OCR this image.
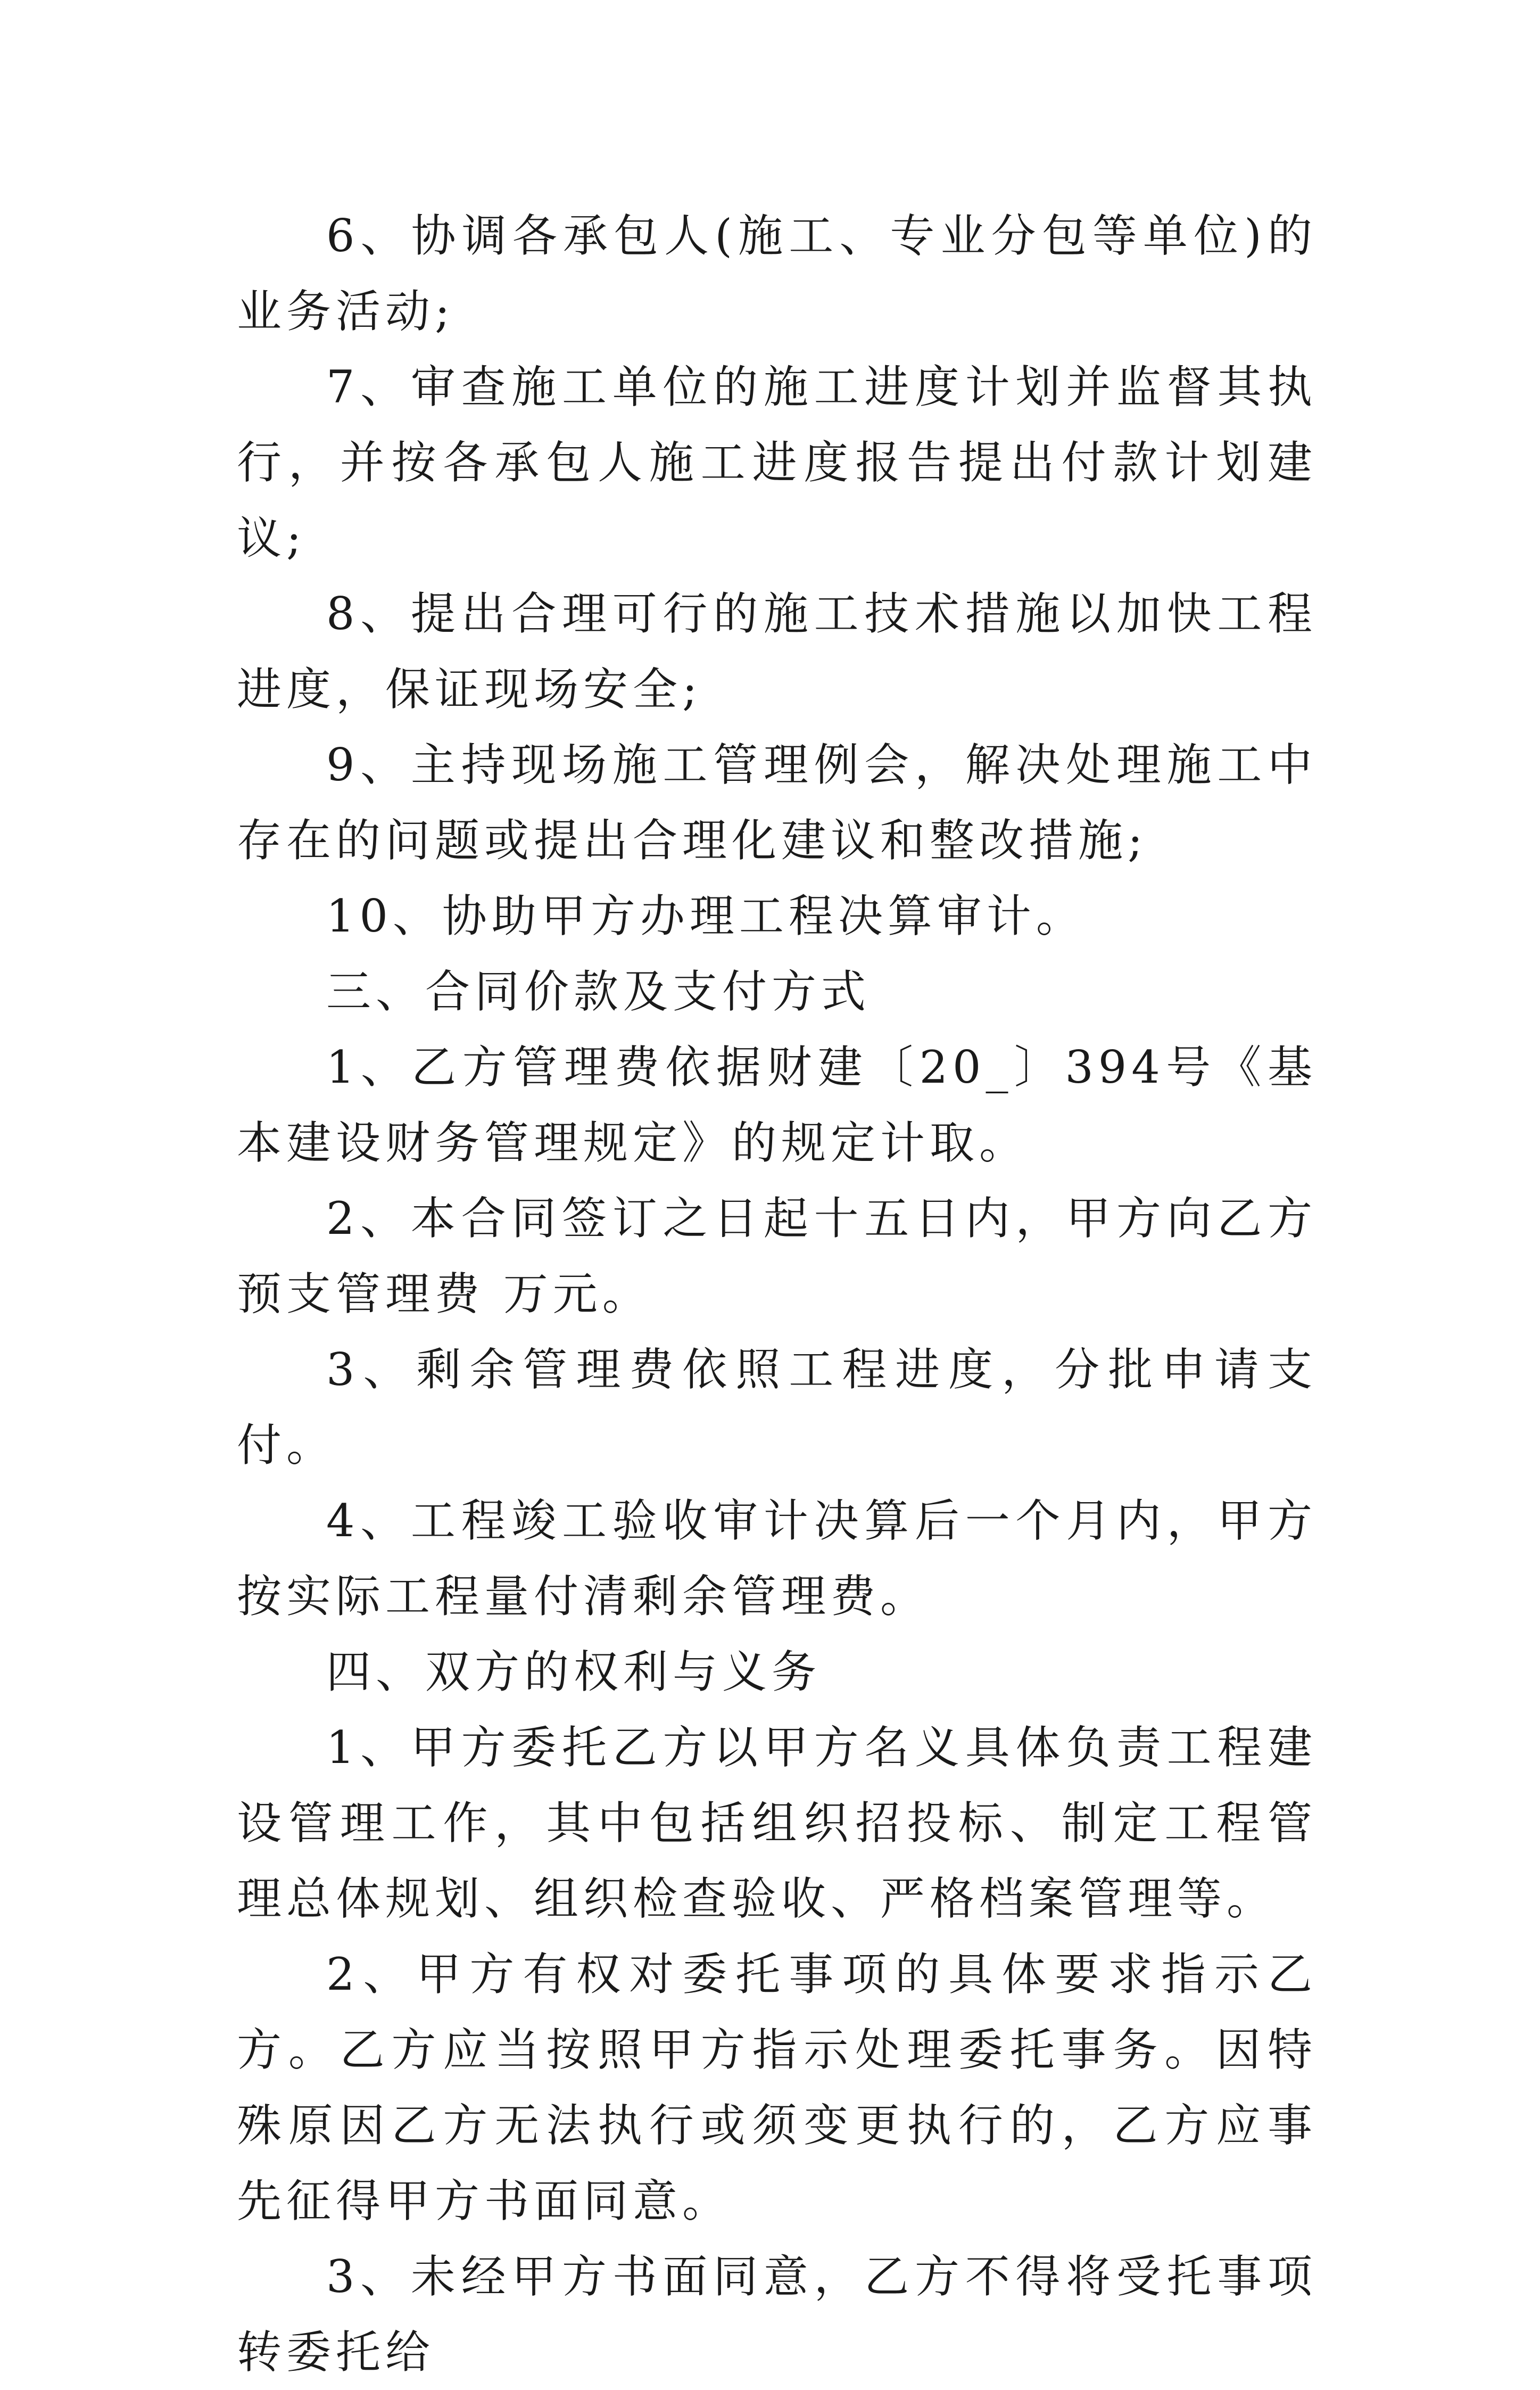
6、协调各承包人(施工、专业分包等单位)的业务活动;

7、审查施工单位的施工进度计划并监督其执行，并按各承包人施工进度报告提出付款计划建议;

8、提出合理可行的施工技术措施以加快工程进度，保证现场安全;

9、主持现场施工管理例会，解决处理施工中存在的问题或提出合理化建议和整改措施;

10、协助甲方办理工程决算审计。

三、合同价款及支付方式

1、乙方管理费依据财建〔20_〕394号《基本建设财务管理规定》的规定计取。

2、本合同签订之日起十五日内，甲方向乙方预支管理费 万元。

3、剩余管理费依照工程进度，分批申请支付。

4、工程竣工验收审计决算后一个月内，甲方按实际工程量付清剩余管理费。

四、双方的权利与义务

1、甲方委托乙方以甲方名义具体负责工程建设管理工作，其中包括组织招投标、制定工程管理总体规划、组织检查验收、严格档案管理等。

2、甲方有权对委托事项的具体要求指示乙方。乙方应当按照甲方指示处理委托事务。因特殊原因乙方无法执行或须变更执行的，乙方应事先征得甲方书面同意。

3、未经甲方书面同意，乙方不得将受托事项转委托给
